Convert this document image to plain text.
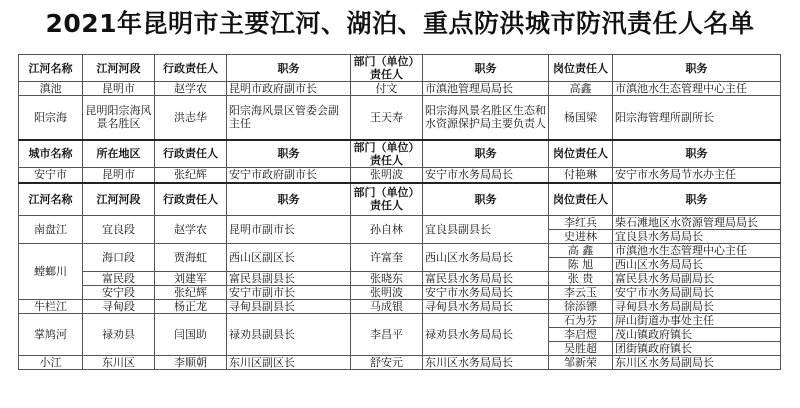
2021年昆明市主要江河、湖泊、重点防洪城市防汛责任人名单
江河名称	江河河段	行政责任人	职务	部门（单位）责任人	职务	岗位责任人	职务
滇池	昆明市	赵学农	昆明市政府副市长	付文	市滇池管理局局长	高鑫	市滇池水生态管理中心主任
阳宗海	昆明阳宗海风景名胜区	洪志华	阳宗海风景区管委会副主任	王天寿	阳宗海风景名胜区生态和水资源保护局主要负责人	杨国梁	阳宗海管理所副所长
城市名称	所在地区	行政责任人	职务	部门（单位）责任人	职务	岗位责任人	职务
安宁市	昆明市	张纪辉	安宁市政府副市长	张明波	安宁市水务局局长	付艳琳	安宁市水务局节水办主任
江河名称	江河河段	行政责任人	职务	部门（单位）责任人	职务	岗位责任人	职务
南盘江	宜良段	赵学农	昆明市副市长	孙自林	宜良县副县长	李红兵	柴石滩地区水资源管理局局长
						史进林	宜良县水务局局长
螳螂川	海口段	贾海虹	西山区副区长	许富奎	西山区水务局局长	高 鑫	市滇池水生态管理中心主任
						陈 旭	西山区水务局局长
	富民段	刘建军	富民县副县长	张晓东	富民县水务局局长	张 贵	富民县水务局副局长
	安宁段	张纪辉	安宁市副市长	张明波	安宁市水务局局长	李云玉	安宁市水务局副局长
牛栏江	寻甸段	杨正龙	寻甸县副县长	马成银	寻甸县水务局局长	徐添镖	寻甸县水务局副局长
掌鸠河	禄劝县	闫国助	禄劝县副县长	李昌平	禄劝县水务局局长	石为芬	屏山街道办事处主任
						李启煜	茂山镇政府镇长
						吴胜超	团街镇政府镇长
小江	东川区	李顺朝	东川区副区长	舒安元	东川区水务局局长	邹新荣	东川区水务局副局长
